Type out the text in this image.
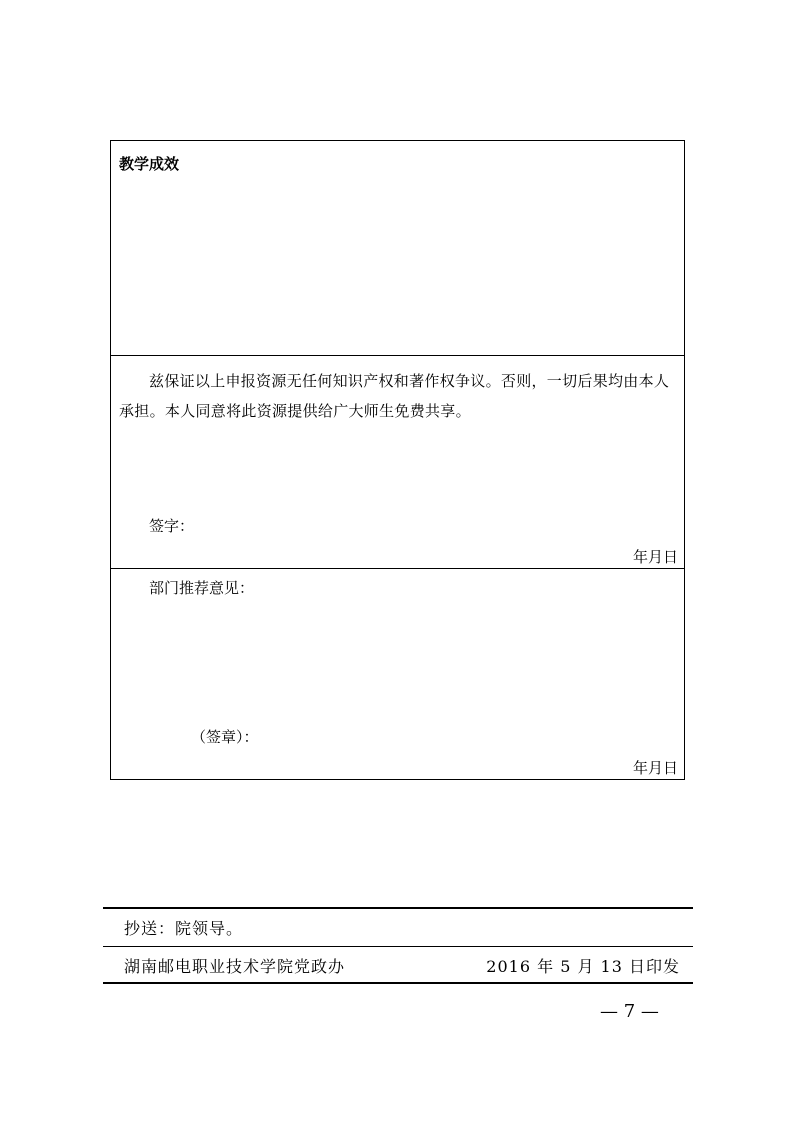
教学成效
兹保证以上申报资源无任何知识产权和著作权争议。否则，一切后果均由本人承担。本人同意将此资源提供给广大师生免费共享。
签字：
年月日
部门推荐意见：
（签章）：
年月日
抄送：院领导。
湖南邮电职业技术学院党政办	2016 年 5 月 13 日印发
— 7 —
